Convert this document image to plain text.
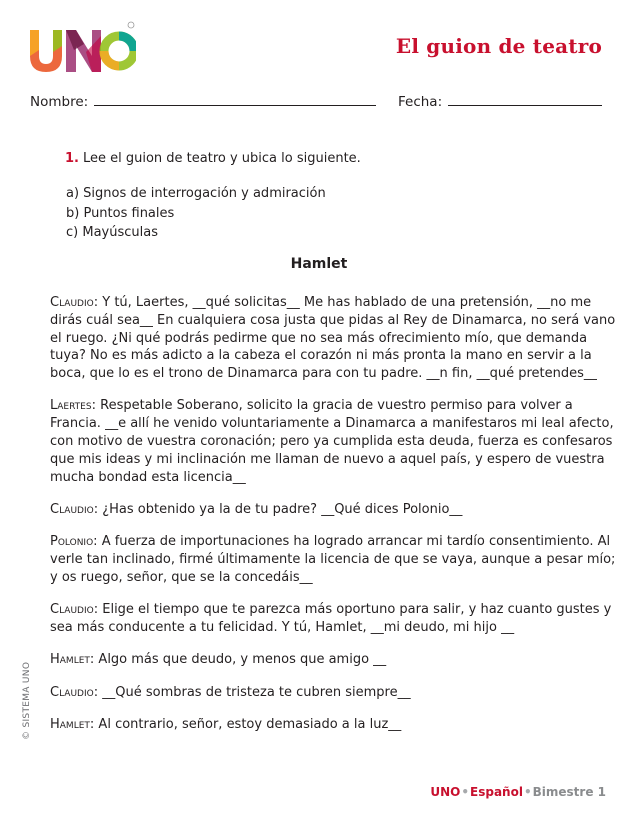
El guion de teatro
Nombre:	Fecha:
1. Lee el guion de teatro y ubica lo siguiente.
a) Signos de interrogación y admiración
b) Puntos finales
c) Mayúsculas
Hamlet

Claudio: Y tú, Laertes, __qué solicitas__ Me has hablado de una pretensión, __no me dirás cuál sea__ En cualquiera cosa justa que pidas al Rey de Dinamarca, no será vano el ruego. ¿Ni qué podrás pedirme que no sea más ofrecimiento mío, que demanda tuya? No es más adicto a la cabeza el corazón ni más pronta la mano en servir a la boca, que lo es el trono de Dinamarca para con tu padre. __n fin, __qué pretendes__

Laertes: Respetable Soberano, solicito la gracia de vuestro permiso para volver a Francia. __e allí he venido voluntariamente a Dinamarca a manifestaros mi leal afecto, con motivo de vuestra coronación; pero ya cumplida esta deuda, fuerza es confesaros que mis ideas y mi inclinación me llaman de nuevo a aquel país, y espero de vuestra mucha bondad esta licencia__

Claudio: ¿Has obtenido ya la de tu padre? __Qué dices Polonio__

Polonio: A fuerza de importunaciones ha logrado arrancar mi tardío consentimiento. Al verle tan inclinado, firmé últimamente la licencia de que se vaya, aunque a pesar mío; y os ruego, señor, que se la concedáis__

Claudio: Elige el tiempo que te parezca más oportuno para salir, y haz cuanto gustes y sea más conducente a tu felicidad. Y tú, Hamlet, __mi deudo, mi hijo __

Hamlet: Algo más que deudo, y menos que amigo __

Claudio: __Qué sombras de tristeza te cubren siempre__

Hamlet: Al contrario, señor, estoy demasiado a la luz__

© SISTEMA UNO
UNO•Español•Bimestre 1
